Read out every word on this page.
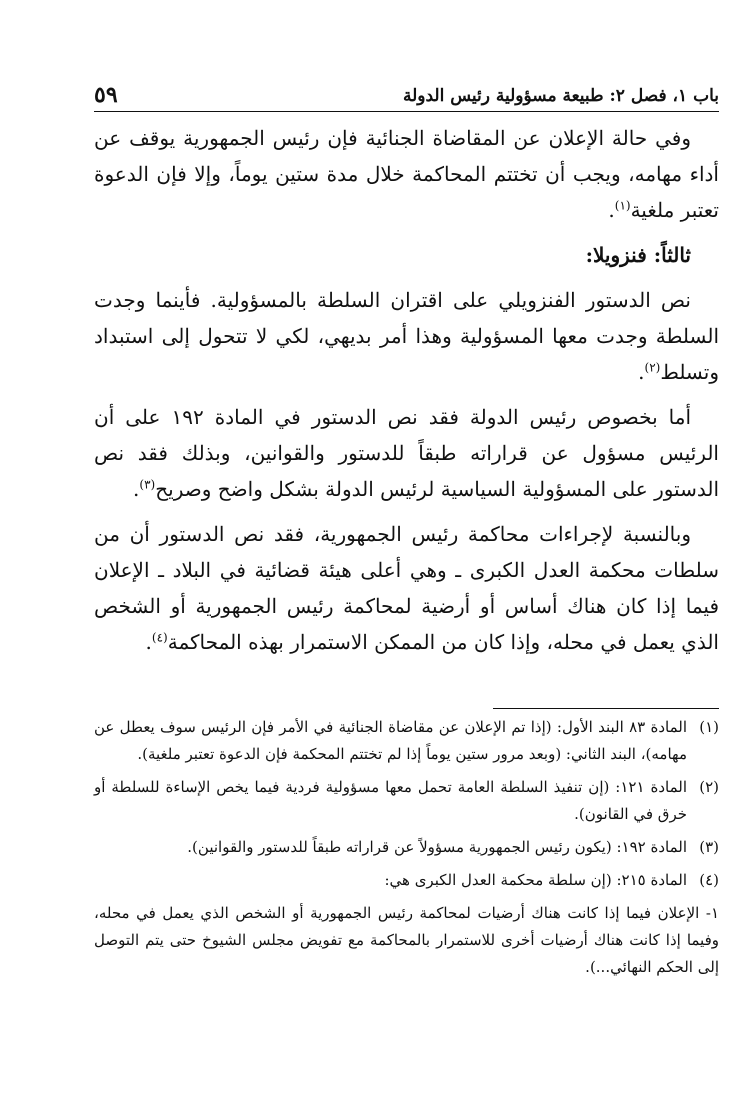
باب ١، فصل ٢: طبيعة مسؤولية رئيس الدولة
٥٩

وفي حالة الإعلان عن المقاضاة الجنائية فإن رئيس الجمهورية يوقف عن أداء مهامه، ويجب أن تختتم المحاكمة خلال مدة ستين يوماً، وإلا فإن الدعوة تعتبر ملغية$^{(١)}$.

ثالثاً: فنزويلا:

نص الدستور الفنزويلي على اقتران السلطة بالمسؤولية. فأينما وجدت السلطة وجدت معها المسؤولية وهذا أمر بديهي، لكي لا تتحول إلى استبداد وتسلط$^{(٢)}$.

أما بخصوص رئيس الدولة فقد نص الدستور في المادة ١٩٢ على أن الرئيس مسؤول عن قراراته طبقاً للدستور والقوانين، وبذلك فقد نص الدستور على المسؤولية السياسية لرئيس الدولة بشكل واضح وصريح$^{(٣)}$.

وبالنسبة لإجراءات محاكمة رئيس الجمهورية، فقد نص الدستور أن من سلطات محكمة العدل الكبرى ـ وهي أعلى هيئة قضائية في البلاد ـ الإعلان فيما إذا كان هناك أساس أو أرضية لمحاكمة رئيس الجمهورية أو الشخص الذي يعمل في محله، وإذا كان من الممكن الاستمرار بهذه المحاكمة$^{(٤)}$.

(١)
المادة ٨٣ البند الأول: (إذا تم الإعلان عن مقاضاة الجنائية في الأمر فإن الرئيس سوف يعطل عن مهامه)، البند الثاني: (وبعد مرور ستين يوماً إذا لم تختتم المحكمة فإن الدعوة تعتبر ملغية).
(٢)
المادة ١٢١: (إن تنفيذ السلطة العامة تحمل معها مسؤولية فردية فيما يخص الإساءة للسلطة أو خرق في القانون).
(٣)
المادة ١٩٢: (يكون رئيس الجمهورية مسؤولاً عن قراراته طبقاً للدستور والقوانين).
(٤)
المادة ٢١٥: (إن سلطة محكمة العدل الكبرى هي:
١- الإعلان فيما إذا كانت هناك أرضيات لمحاكمة رئيس الجمهورية أو الشخص الذي يعمل في محله، وفيما إذا كانت هناك أرضيات أخرى للاستمرار بالمحاكمة مع تفويض مجلس الشيوخ حتى يتم التوصل إلى الحكم النهائي...).
